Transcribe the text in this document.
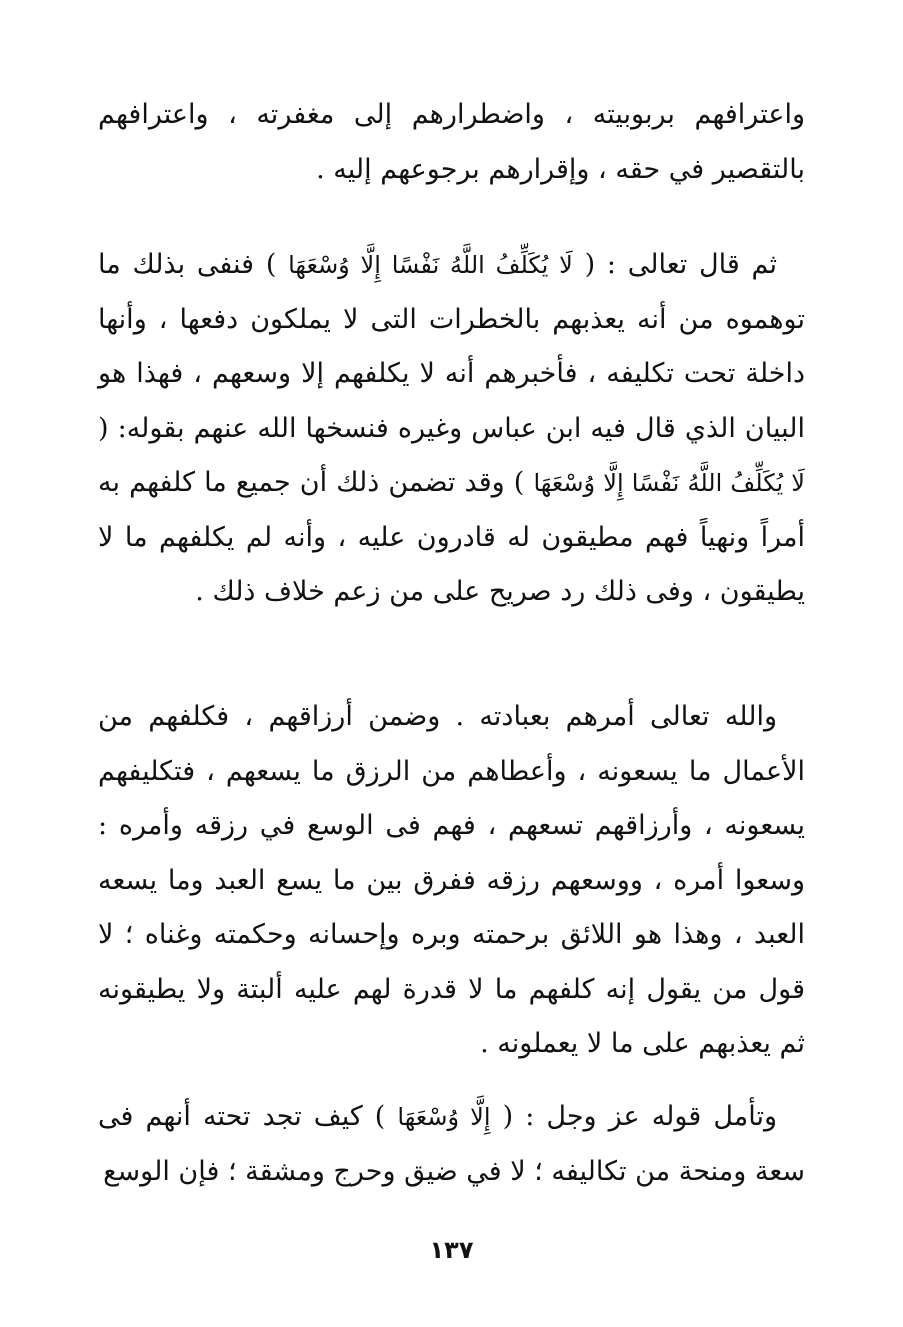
واعترافهم بربوبيته ، واضطرارهم إلى مغفرته ، واعترافهم بالتقصير في حقه ، وإقرارهم برجوعهم إليه .

ثم قال تعالى : ( لَا يُكَلِّفُ اللَّهُ نَفْسًا إِلَّا وُسْعَهَا ) فنفى بذلك ما توهموه من أنه يعذبهم بالخطرات التى لا يملكون دفعها ، وأنها داخلة تحت تكليفه ، فأخبرهم أنه لا يكلفهم إلا وسعهم ، فهذا هو البيان الذي قال فيه ابن عباس وغيره فنسخها الله عنهم بقوله: ( لَا يُكَلِّفُ اللَّهُ نَفْسًا إِلَّا وُسْعَهَا ) وقد تضمن ذلك أن جميع ما كلفهم به أمراً ونهياً فهم مطيقون له قادرون عليه ، وأنه لم يكلفهم ما لا يطيقون ، وفى ذلك رد صريح على من زعم خلاف ذلك .

والله تعالى أمرهم بعبادته . وضمن أرزاقهم ، فكلفهم من الأعمال ما يسعونه ، وأعطاهم من الرزق ما يسعهم ، فتكليفهم يسعونه ، وأرزاقهم تسعهم ، فهم فى الوسع في رزقه وأمره : وسعوا أمره ، ووسعهم رزقه ففرق بين ما يسع العبد وما يسعه العبد ، وهذا هو اللائق برحمته وبره وإحسانه وحكمته وغناه ؛ لا قول من يقول إنه كلفهم ما لا قدرة لهم عليه ألبتة ولا يطيقونه ثم يعذبهم على ما لا يعملونه .

وتأمل قوله عز وجل : ( إِلَّا وُسْعَهَا ) كيف تجد تحته أنهم فى سعة ومنحة من تكاليفه ؛ لا في ضيق وحرج ومشقة ؛ فإن الوسع

١٣٧
